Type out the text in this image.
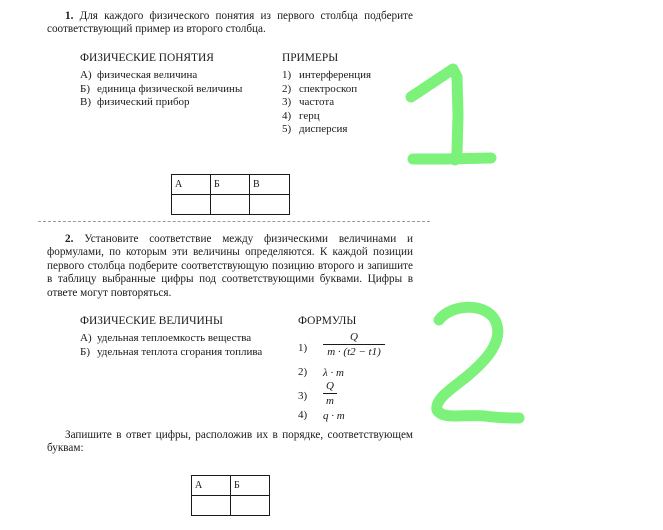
1. Для каждого физического понятия из первого столбца подберите соответствующий пример из второго столбца.
ФИЗИЧЕСКИЕ ПОНЯТИЯ	ПРИМЕРЫ
А) физическая величина
Б) единица физической величины
В) физический прибор
1) интерференция
2) спектроскоп
3) частота
4) герц
5) дисперсия
А	Б	В

2. Установите соответствие между физическими величинами и формулами, по которым эти величины определяются. К каждой позиции первого столбца подберите соответствующую позицию второго и запишите в таблицу выбранные цифры под соответствующими буквами. Цифры в ответе могут повторяться.
ФИЗИЧЕСКИЕ ВЕЛИЧИНЫ	ФОРМУЛЫ
А) удельная теплоемкость вещества
Б) удельная теплота сгорания топлива	$1) \frac{Q}{m \cdot (t2 - t1)}$
2) λ · m
$3) \frac{Q}{m}$
4) q · m
Запишите в ответ цифры, расположив их в порядке, соответствующем буквам:
А	Б
